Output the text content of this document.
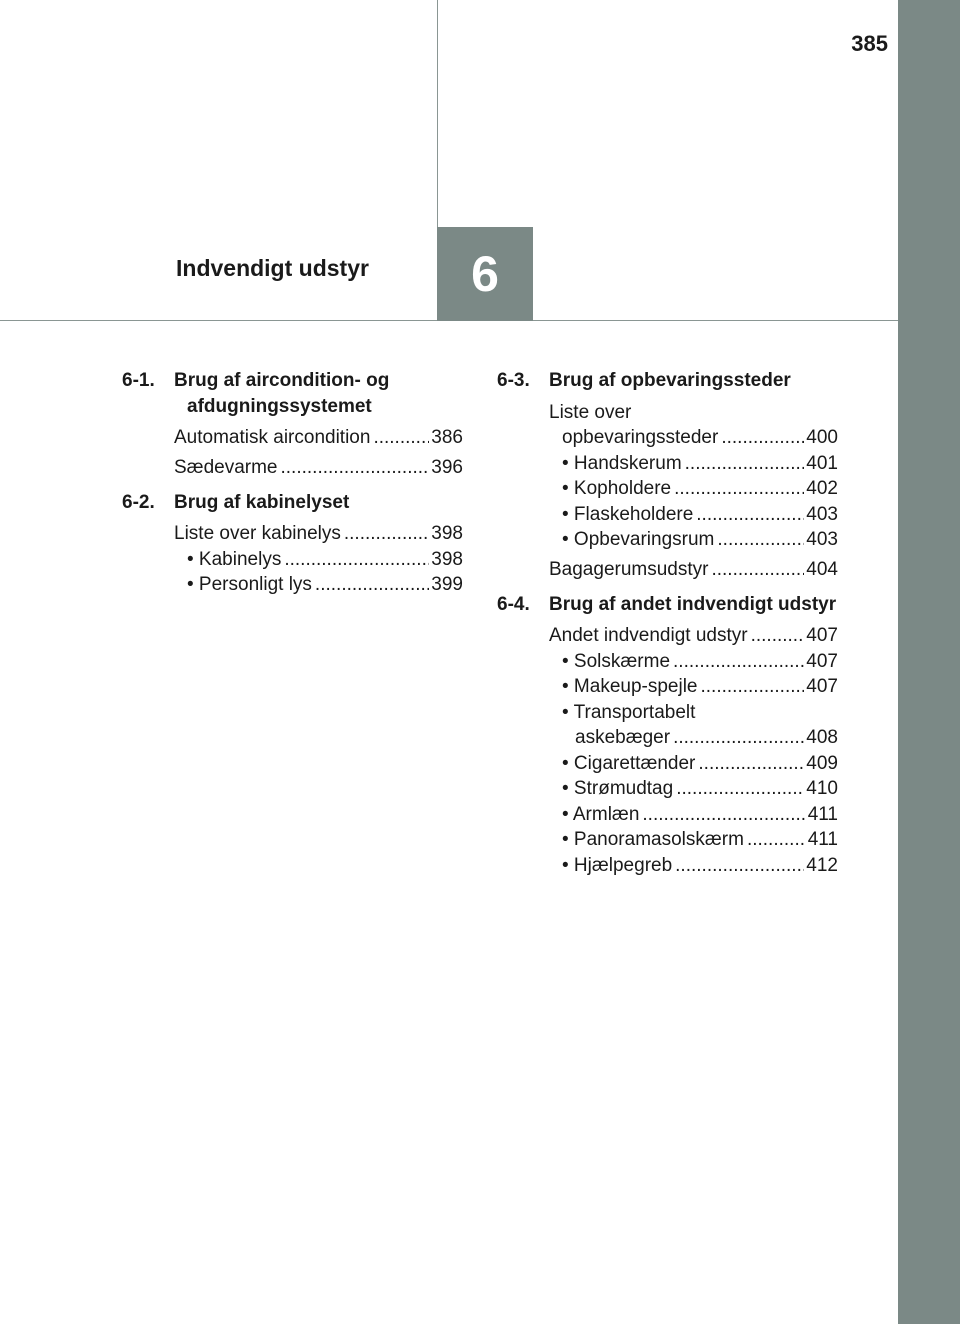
385
6
Indvendigt udstyr
6-1.	Brug af aircondition- og afdugningssystemet
Automatisk aircondition .....	386
Sædevarme .....	396
6-2.	Brug af kabinelyset
Liste over kabinelys .....	398
• Kabinelys .....	398
• Personligt lys .....	399
6-3.	Brug af opbevaringssteder
Liste over
opbevaringssteder .....	400
• Handskerum .....	401
• Kopholdere .....	402
• Flaskeholdere .....	403
• Opbevaringsrum .....	403
Bagagerumsudstyr .....	404
6-4.	Brug af andet indvendigt udstyr
Andet indvendigt udstyr .....	407
• Solskærme .....	407
• Makeup-spejle .....	407
• Transportabelt
askebæger .....	408
• Cigarettænder .....	409
• Strømudtag .....	410
• Armlæn .....	411
• Panoramasolskærm .....	411
• Hjælpegreb .....	412
